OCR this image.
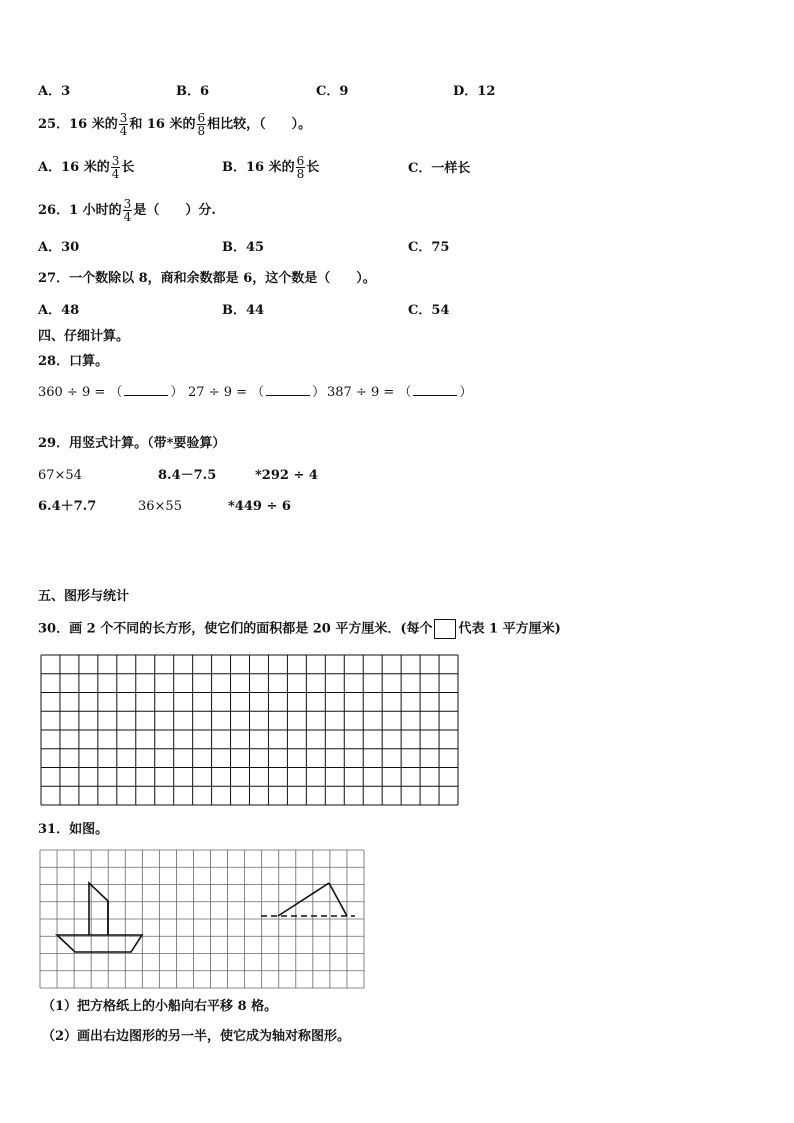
A．3	B．6	C．9	D．12
25．16 米的 $\frac{3}{4}$ 和 16 米的 $\frac{6}{8}$ 相比较，（　　）。
A．16 米的 $\frac{3}{4}$ 长	B．16 米的 $\frac{6}{8}$ 长	C．一样长
26．1 小时的 $\frac{3}{4}$ 是（　　）分.
A．30	B．45	C．75
27．一个数除以 8，商和余数都是 6，这个数是（　　）。
A．48	B．44	C．54
四、仔细计算。
28．口算。
360 ÷ 9 = （	） 27 ÷ 9 = （	） 387 ÷ 9 = （	）
29．用竖式计算。（带*要验算）
67×54	8.4－7.5	*292 ÷ 4
6.4＋7.7	36×55	*449 ÷ 6
五、图形与统计
30．画 2 个不同的长方形，使它们的面积都是 20 平方厘米．(每个 代表 1 平方厘米)
31．如图。
（1）把方格纸上的小船向右平移 8 格。
（2）画出右边图形的另一半，使它成为轴对称图形。
